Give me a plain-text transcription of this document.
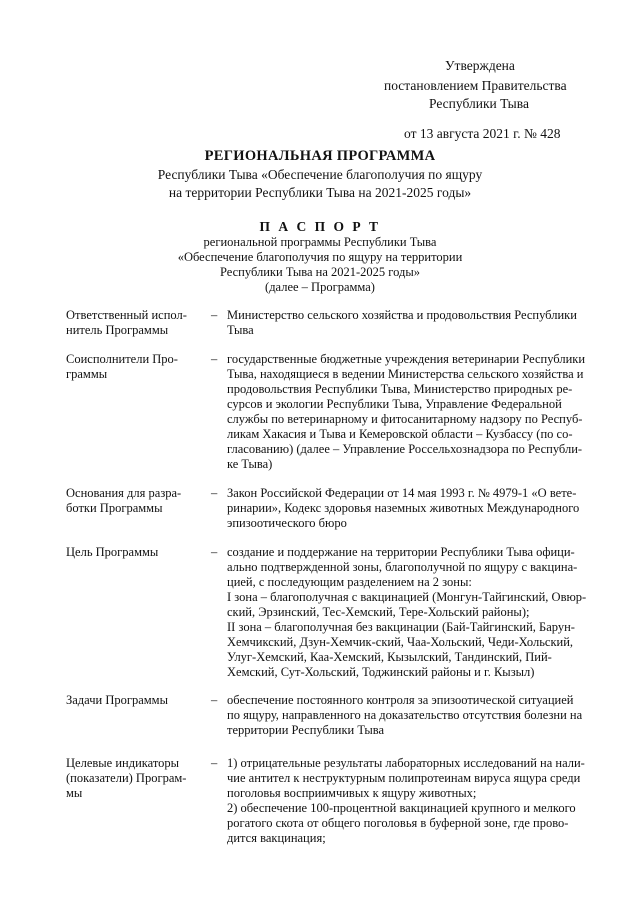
Утверждена
постановлением Правительства
Республики Тыва
от 13 августа 2021 г. № 428
РЕГИОНАЛЬНАЯ ПРОГРАММА
Республики Тыва «Обеспечение благополучия по ящуру
на территории Республики Тыва на 2021-2025 годы»
П А С П О Р Т
региональной программы Республики Тыва
«Обеспечение благополучия по ящуру на территории
Республики Тыва на 2021-2025 годы»
(далее – Программа)
Ответственный испол-
нитель Программы
– Министерство сельского хозяйства и продовольствия Республики
Тыва
Соисполнители Про-
граммы
– государственные бюджетные учреждения ветеринарии Республики
Тыва, находящиеся в ведении Министерства сельского хозяйства и
продовольствия Республики Тыва, Министерство природных ре-
сурсов и экологии Республики Тыва, Управление Федеральной
службы по ветеринарному и фитосанитарному надзору по Респуб-
ликам Хакасия и Тыва и Кемеровской области – Кузбассу (по со-
гласованию) (далее – Управление Россельхознадзора по Республи-
ке Тыва)
Основания для разра-
ботки Программы
– Закон Российской Федерации от 14 мая 1993 г. № 4979-1 «О вете-
ринарии», Кодекс здоровья наземных животных Международного
эпизоотического бюро
Цель Программы	– создание и поддержание на территории Республики Тыва офици-
ально подтвержденной зоны, благополучной по ящуру с вакцина-
цией, с последующим разделением на 2 зоны:
I зона – благополучная с вакцинацией (Монгун-Тайгинский, Овюр-
ский, Эрзинский, Тес-Хемский, Тере-Хольский районы);
II зона – благополучная без вакцинации (Бай-Тайгинский, Барун-
Хемчикский, Дзун-Хемчик-ский, Чаа-Хольский, Чеди-Хольский,
Улуг-Хемский, Каа-Хемский, Кызылский, Тандинский, Пий-
Хемский, Сут-Хольский, Тоджинский районы и г. Кызыл)
Задачи Программы	– обеспечение постоянного контроля за эпизоотической ситуацией
по ящуру, направленного на доказательство отсутствия болезни на
территории Республики Тыва
Целевые индикаторы
(показатели) Програм-
мы
– 1) отрицательные результаты лабораторных исследований на нали-
чие антител к неструктурным полипротеинам вируса ящура среди
поголовья восприимчивых к ящуру животных;
2) обеспечение 100-процентной вакцинацией крупного и мелкого
рогатого скота от общего поголовья в буферной зоне, где прово-
дится вакцинация;
